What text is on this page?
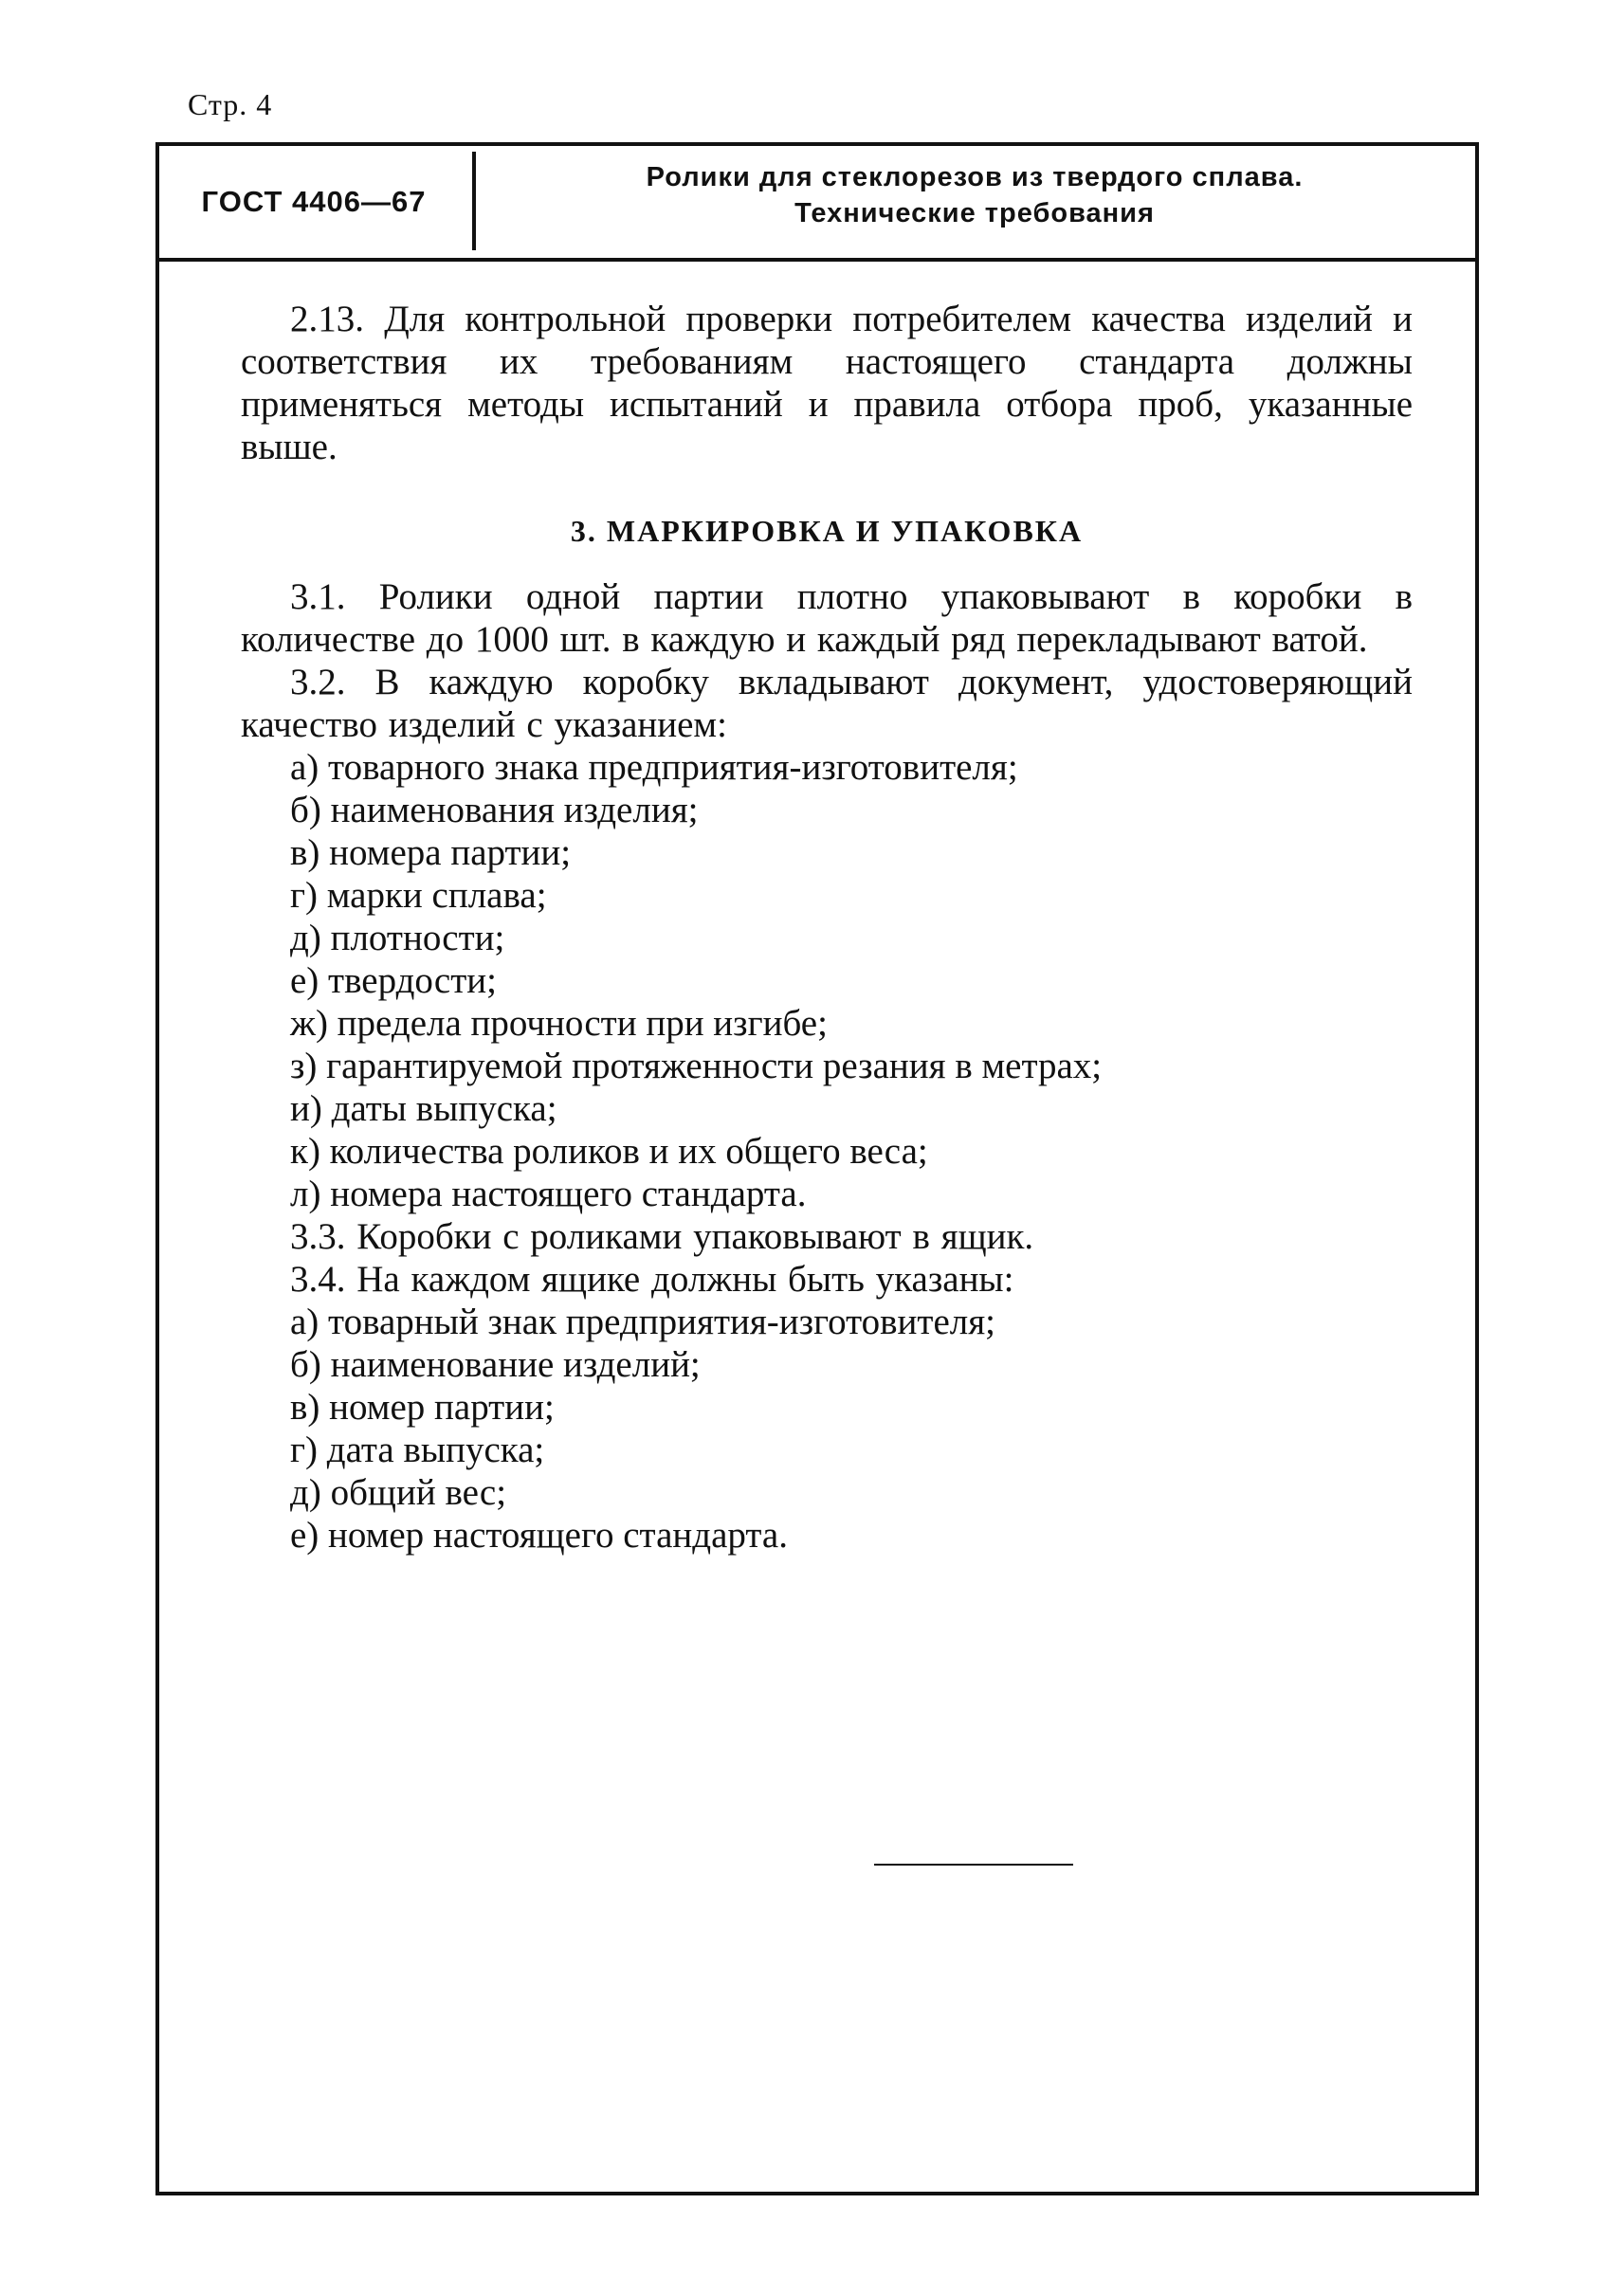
Стр. 4
ГОСТ 4406—67
Ролики для стеклорезов из твердого сплава.
Технические требования

2.13. Для контрольной проверки потребителем качества изделий и соответствия их требованиям настоящего стандарта должны применяться методы испытаний и правила отбора проб, указанные выше.

3. МАРКИРОВКА И УПАКОВКА

3.1. Ролики одной партии плотно упаковывают в коробки в количестве до 1000 шт. в каждую и каждый ряд перекладывают ватой.

3.2. В каждую коробку вкладывают документ, удостоверяющий качество изделий с указанием:

а) товарного знака предприятия-изготовителя;

б) наименования изделия;

в) номера партии;

г) марки сплава;

д) плотности;

е) твердости;

ж) предела прочности при изгибе;

з) гарантируемой протяженности резания в метрах;

и) даты выпуска;

к) количества роликов и их общего веса;

л) номера настоящего стандарта.

3.3. Коробки с роликами упаковывают в ящик.

3.4. На каждом ящике должны быть указаны:

а) товарный знак предприятия-изготовителя;

б) наименование изделий;

в) номер партии;

г) дата выпуска;

д) общий вес;

е) номер настоящего стандарта.
